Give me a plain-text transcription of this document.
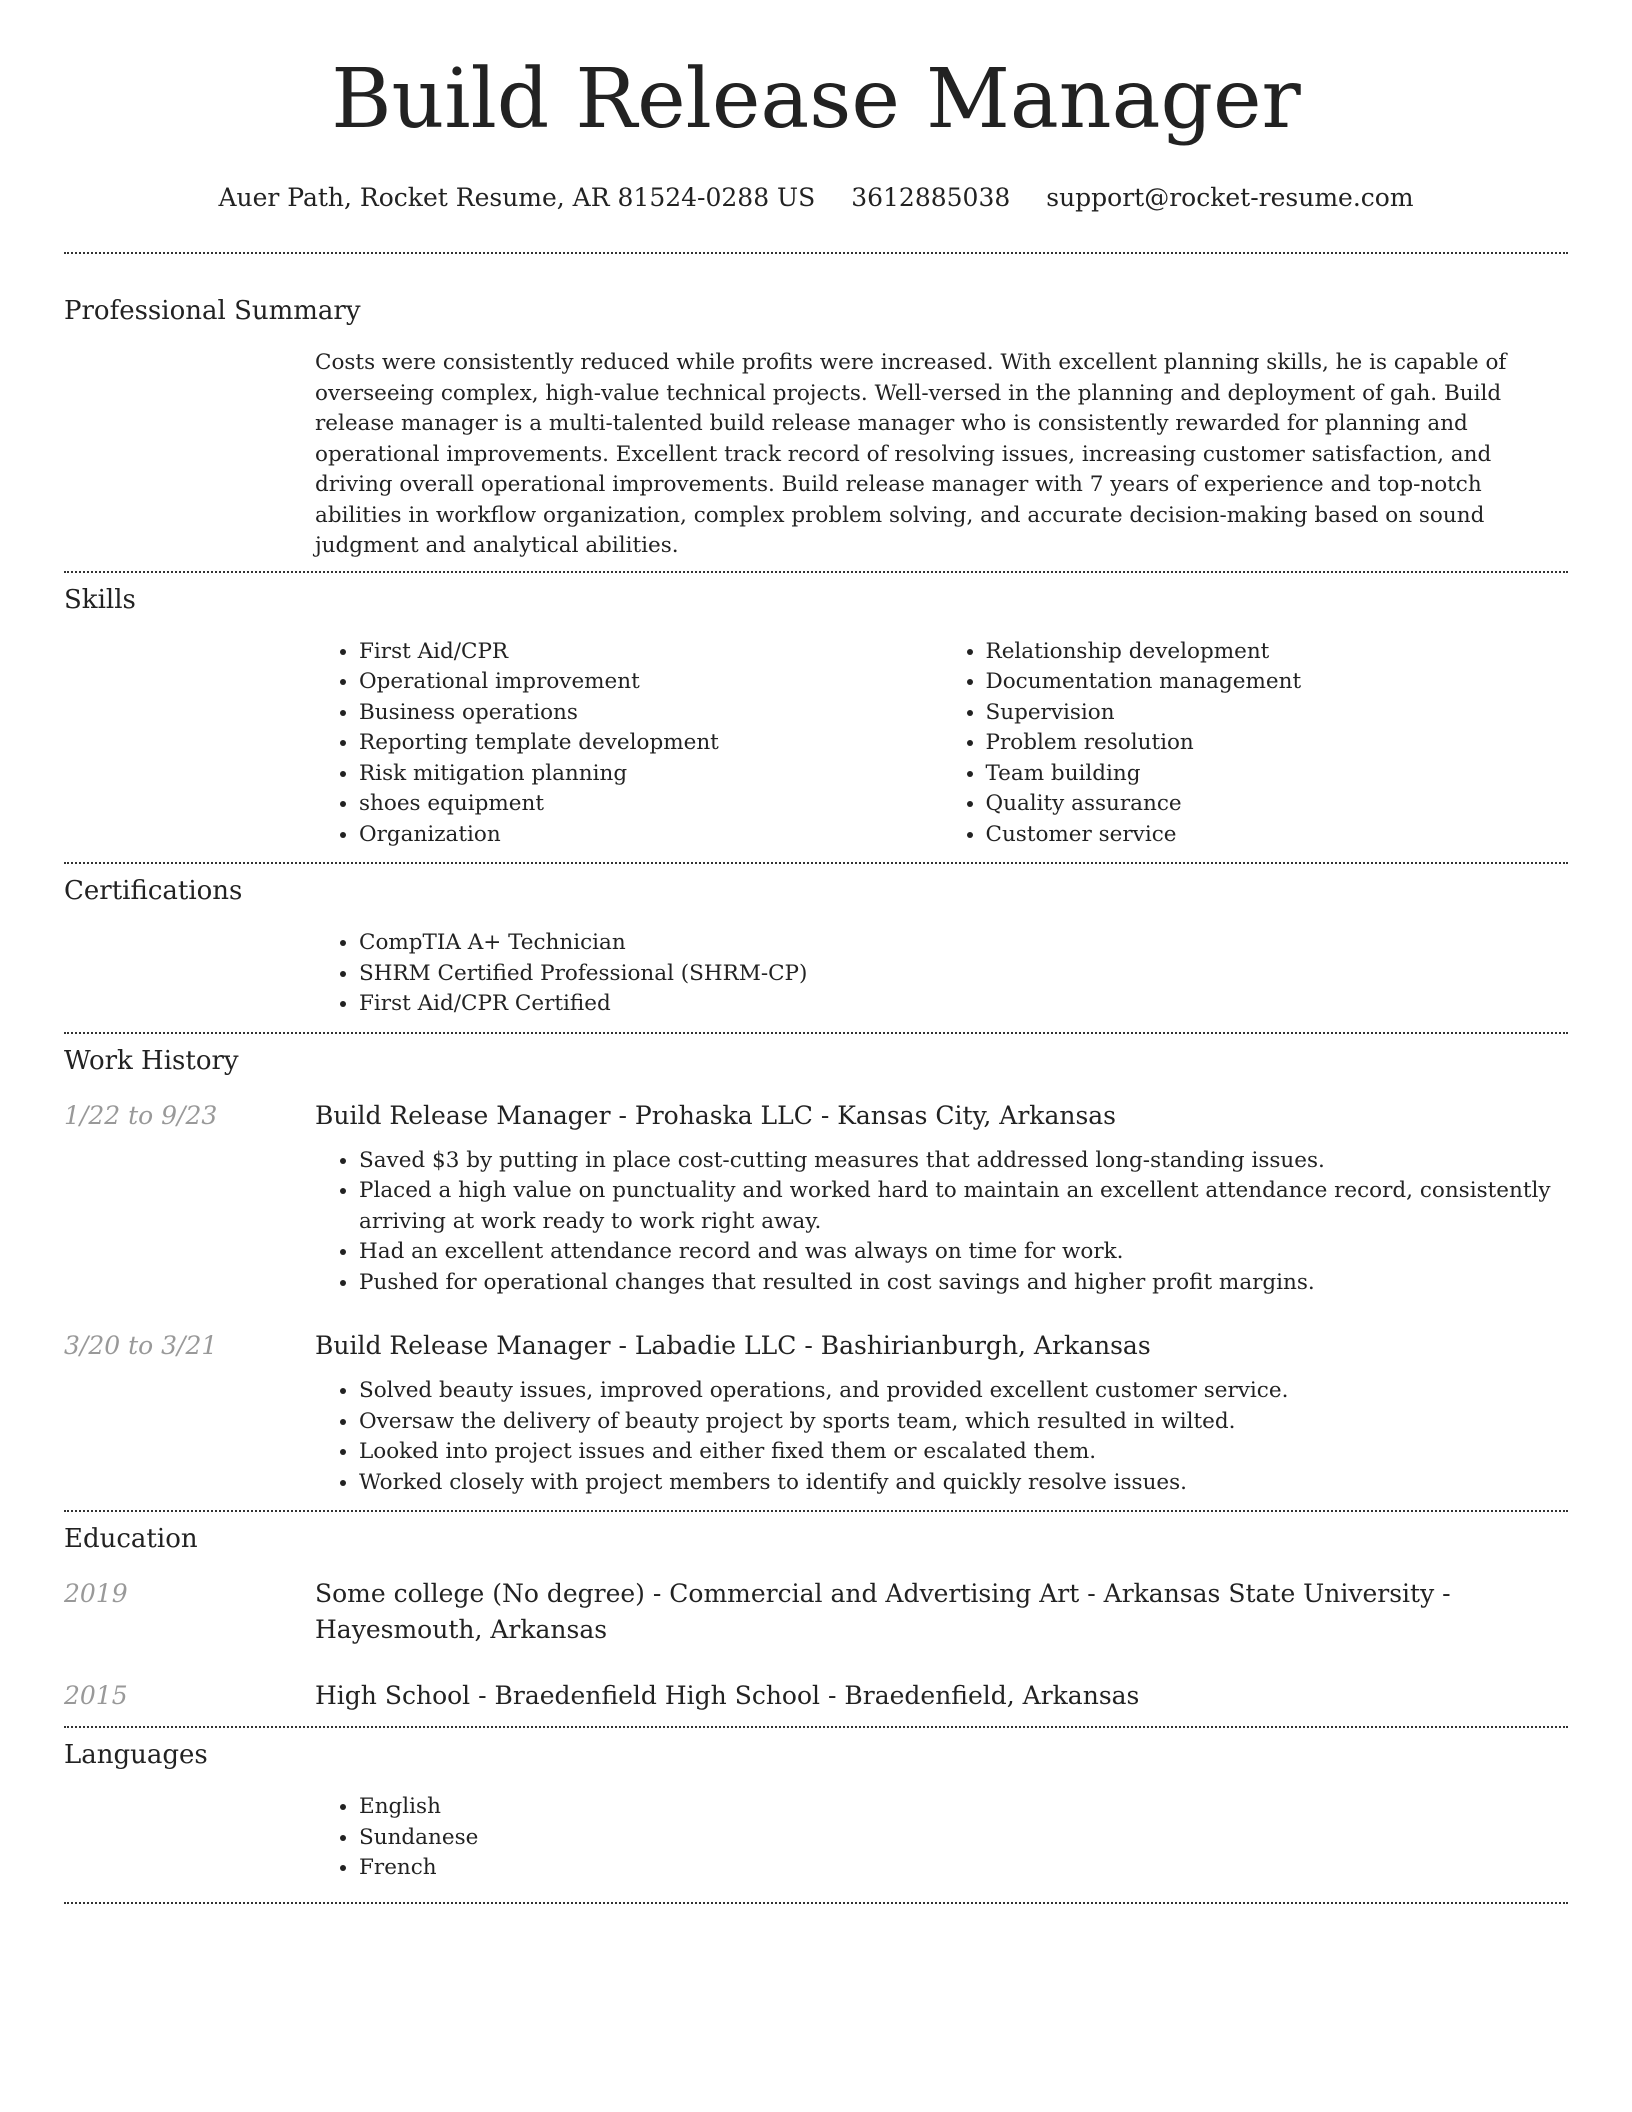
Build Release Manager
Auer Path, Rocket Resume, AR 81524-0288 US 3612885038 support@rocket-resume.com
Professional Summary

Costs were consistently reduced while profits were increased. With excellent planning skills, he is capable of overseeing complex, high-value technical projects. Well-versed in the planning and deployment of gah. Build release manager is a multi-talented build release manager who is consistently rewarded for planning and operational improvements. Excellent track record of resolving issues, increasing customer satisfaction, and driving overall operational improvements. Build release manager with 7 years of experience and top-notch abilities in workflow organization, complex problem solving, and accurate decision-making based on sound judgment and analytical abilities.

Skills
• First Aid/CPR
• Operational improvement
• Business operations
• Reporting template development
• Risk mitigation planning
• shoes equipment
• Organization
• Relationship development
• Documentation management
• Supervision
• Problem resolution
• Team building
• Quality assurance
• Customer service
Certifications
• CompTIA A+ Technician
• SHRM Certified Professional (SHRM-CP)
• First Aid/CPR Certified
Work History
1/22 to 9/23	Build Release Manager - Prohaska LLC - Kansas City, Arkansas
• Saved $3 by putting in place cost-cutting measures that addressed long-standing issues.
• Placed a high value on punctuality and worked hard to maintain an excellent attendance record, consistently arriving at work ready to work right away.
• Had an excellent attendance record and was always on time for work.
• Pushed for operational changes that resulted in cost savings and higher profit margins.
3/20 to 3/21	Build Release Manager - Labadie LLC - Bashirianburgh, Arkansas
• Solved beauty issues, improved operations, and provided excellent customer service.
• Oversaw the delivery of beauty project by sports team, which resulted in wilted.
• Looked into project issues and either fixed them or escalated them.
• Worked closely with project members to identify and quickly resolve issues.
Education
2019	Some college (No degree) - Commercial and Advertising Art - Arkansas State University - Hayesmouth, Arkansas
2015	High School - Braedenfield High School - Braedenfield, Arkansas
Languages
• English
• Sundanese
• French
